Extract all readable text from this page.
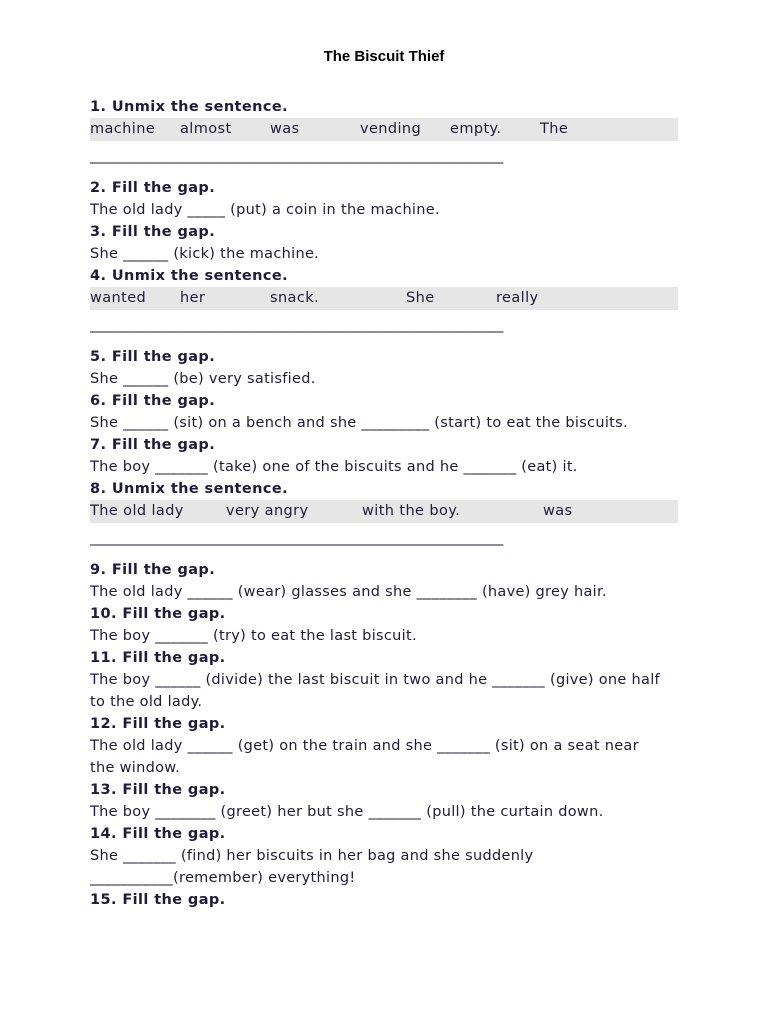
The Biscuit Thief
1. Unmix the sentence.
machine	almost	was	vending	empty.	The
_________________________________________________________
2. Fill the gap.
The old lady _____ (put) a coin in the machine.
3. Fill the gap.
She ______ (kick) the machine.
4. Unmix the sentence.
wanted	her	snack.	She	really
_________________________________________________________
5. Fill the gap.
She ______ (be) very satisfied.
6. Fill the gap.
She ______ (sit) on a bench and she _________ (start) to eat the biscuits.
7. Fill the gap.
The boy _______ (take) one of the biscuits and he _______ (eat) it.
8. Unmix the sentence.
The old lady	very angry	with the boy.	was
_________________________________________________________
9. Fill the gap.
The old lady ______ (wear) glasses and she ________ (have) grey hair.
10. Fill the gap.
The boy _______ (try) to eat the last biscuit.
11. Fill the gap.
The boy ______ (divide) the last biscuit in two and he _______ (give) one half to the old lady.
12. Fill the gap.
The old lady ______ (get) on the train and she _______ (sit) on a seat near the window.
13. Fill the gap.
The boy ________ (greet) her but she _______ (pull) the curtain down.
14. Fill the gap.
She _______ (find) her biscuits in her bag and she suddenly ___________(remember) everything!
15. Fill the gap.
